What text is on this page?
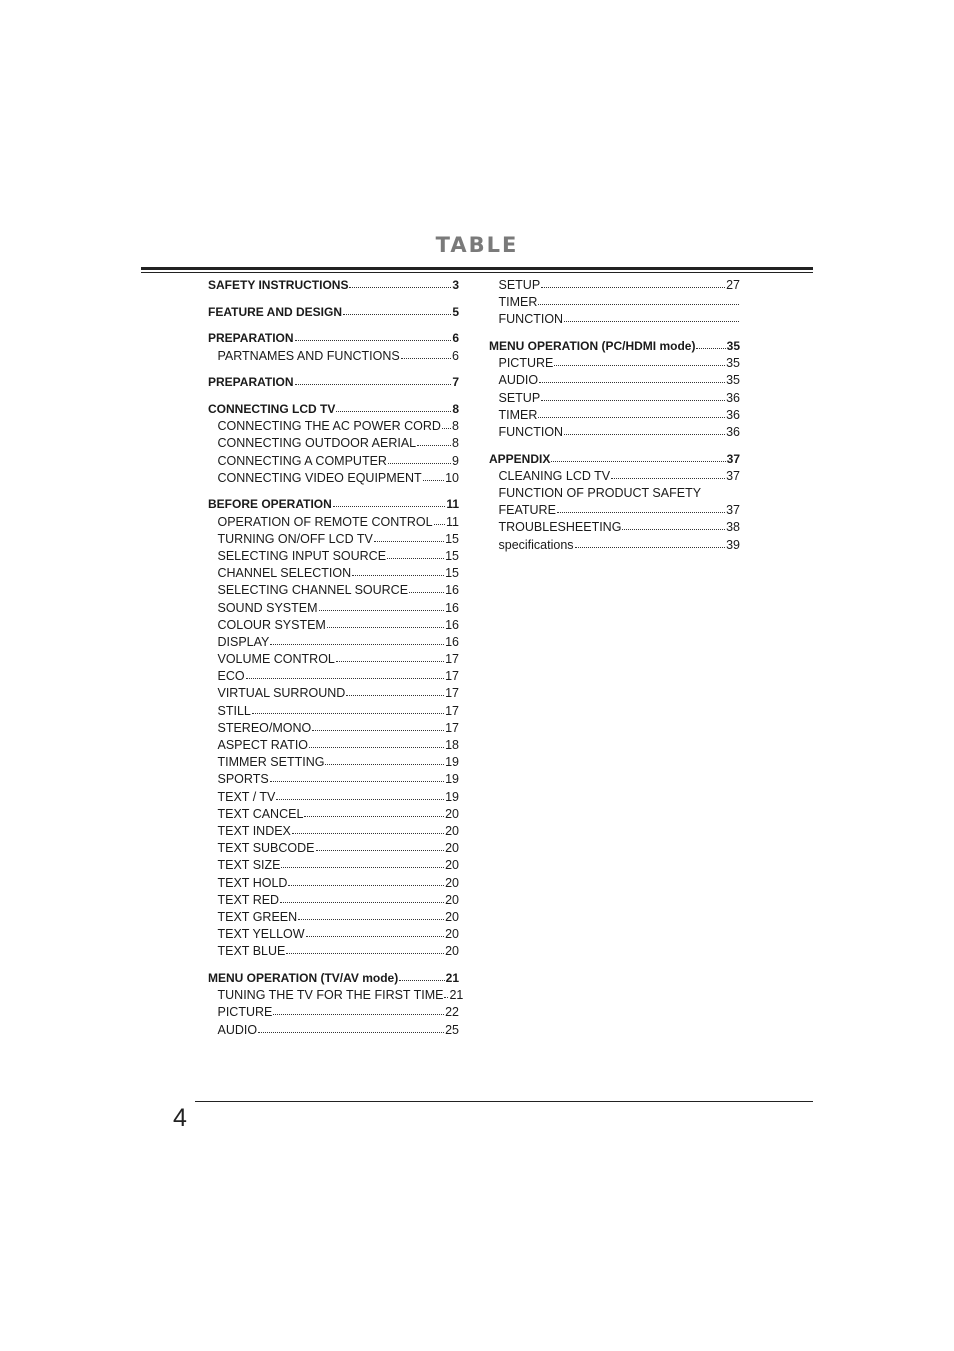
TABLE
SAFETY INSTRUCTIONS	3
FEATURE AND DESIGN	5
PREPARATION	6
PARTNAMES AND FUNCTIONS	6
PREPARATION	7
CONNECTING LCD TV	8
CONNECTING THE AC POWER CORD 8
CONNECTING OUTDOOR AERIAL	8
CONNECTING A COMPUTER	9
CONNECTING VIDEO EQUIPMENT 10
BEFORE OPERATION	11
OPERATION OF REMOTE CONTROL 11
TURNING ON/OFF LCD TV	15
SELECTING INPUT SOURCE	15
CHANNEL SELECTION	15
SELECTING CHANNEL SOURCE	16
SOUND SYSTEM	16
COLOUR SYSTEM	16
DISPLAY	16
VOLUME CONTROL	17
ECO	17
VIRTUAL SURROUND	17
STILL	17
STEREO/MONO	17
ASPECT RATIO	18
TIMMER SETTING	19
SPORTS	19
TEXT / TV	19
TEXT CANCEL	20
TEXT INDEX	20
TEXT SUBCODE	20
TEXT SIZE	20
TEXT HOLD	20
TEXT RED	20
TEXT GREEN	20
TEXT YELLOW	20
TEXT BLUE	20
MENU OPERATION (TV/AV mode)	21
TUNING THE TV FOR THE FIRST TIME 21
PICTURE	22
AUDIO	25
SETUP	27
TIMER
FUNCTION
MENU OPERATION (PC/HDMI mode)	35
PICTURE	35
AUDIO	35
SETUP	36
TIMER	36
FUNCTION	36
APPENDIX	37
CLEANING LCD TV	37
FUNCTION OF PRODUCT SAFETY
FEATURE	37
TROUBLESHEETING	38
specifications	39
4
